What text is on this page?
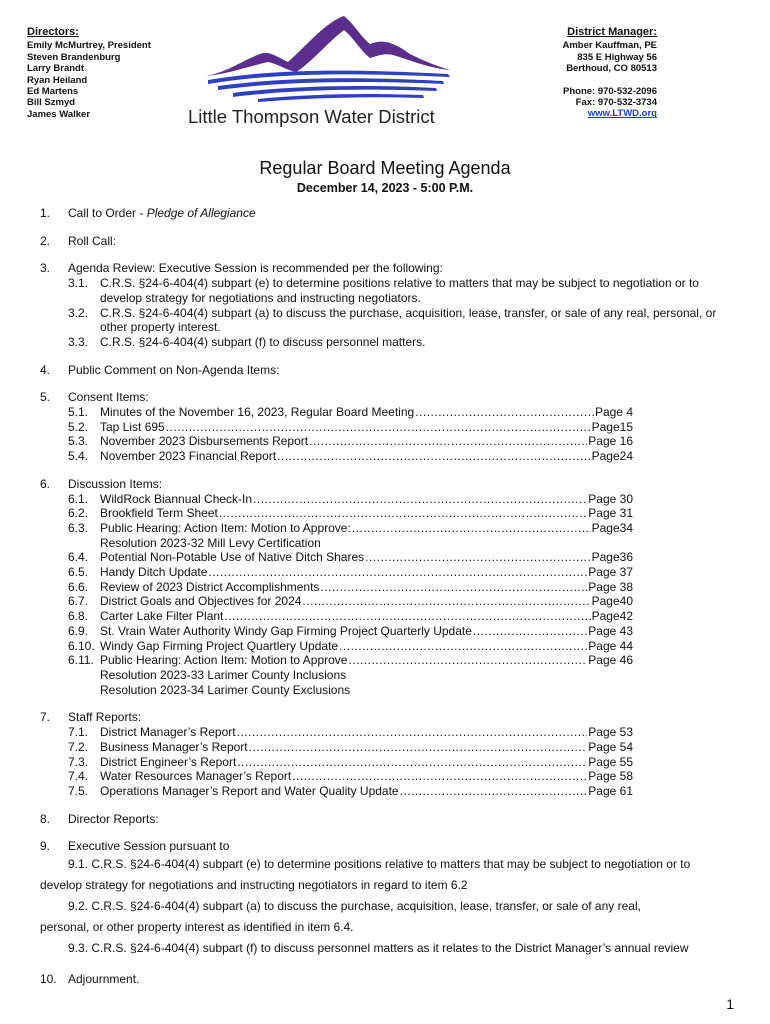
Directors:
Emily McMurtrey, President
Steven Brandenburg
Larry Brandt
Ryan Heiland
Ed Martens
Bill Szmyd
James Walker	Little Thompson Water District
District Manager:
Amber Kauffman, PE
835 E Highway 56
Berthoud, CO 80513
Phone: 970-532-2096
Fax: 970-532-3734
www.LTWD.org
Regular Board Meeting Agenda
December 14, 2023 - 5:00 P.M.
1.	Call to Order - Pledge of Allegiance
2.	Roll Call:
3.	Agenda Review: Executive Session is recommended per the following:
3.1. C.R.S. §24-6-404(4) subpart (e) to determine positions relative to matters that may be subject to negotiation or to develop strategy for negotiations and instructing negotiators.
3.2. C.R.S. §24-6-404(4) subpart (a) to discuss the purchase, acquisition, lease, transfer, or sale of any real, personal, or other property interest.
3.3. C.R.S. §24-6-404(4) subpart (f) to discuss personnel matters.
4.	Public Comment on Non-Agenda Items:
5.	Consent Items:
5.1. Minutes of the November 16, 2023, Regular Board Meeting .....	Page 4
5.2. Tap List 695 .....	Page15
5.3. November 2023 Disbursements Report .....	Page 16
5.4. November 2023 Financial Report .....	Page24
6.	Discussion Items:
6.1. WildRock Biannual Check-In .....	Page 30
6.2. Brookfield Term Sheet .....	Page 31
6.3. Public Hearing: Action Item: Motion to Approve: .....	Page34
Resolution 2023-32 Mill Levy Certification
6.4. Potential Non-Potable Use of Native Ditch Shares .....	Page36
6.5. Handy Ditch Update .....	Page 37
6.6. Review of 2023 District Accomplishments .....	Page 38
6.7. District Goals and Objectives for 2024 .....	Page40
6.8. Carter Lake Filter Plant .....	Page42
6.9. St. Vrain Water Authority Windy Gap Firming Project Quarterly Update .....	Page 43
6.10. Windy Gap Firming Project Quartlery Update .....	Page 44
6.11. Public Hearing: Action Item: Motion to Approve .....	Page 46
Resolution 2023-33 Larimer County Inclusions
Resolution 2023-34 Larimer County Exclusions
7.	Staff Reports:
7.1. District Manager’s Report .....	Page 53
7.2. Business Manager’s Report .....	Page 54
7.3. District Engineer’s Report .....	Page 55
7.4. Water Resources Manager’s Report .....	Page 58
7.5. Operations Manager’s Report and Water Quality Update .....	Page 61
8.	Director Reports:
9.	Executive Session pursuant to
9.1. C.R.S. §24-6-404(4) subpart (e) to determine positions relative to matters that may be subject to negotiation or to
develop strategy for negotiations and instructing negotiators in regard to item 6.2
9.2. C.R.S. §24-6-404(4) subpart (a) to discuss the purchase, acquisition, lease, transfer, or sale of any real,
personal, or other property interest as identified in item 6.4.
9.3. C.R.S. §24-6-404(4) subpart (f) to discuss personnel matters as it relates to the District Manager’s annual review
10. Adjournment.
1
